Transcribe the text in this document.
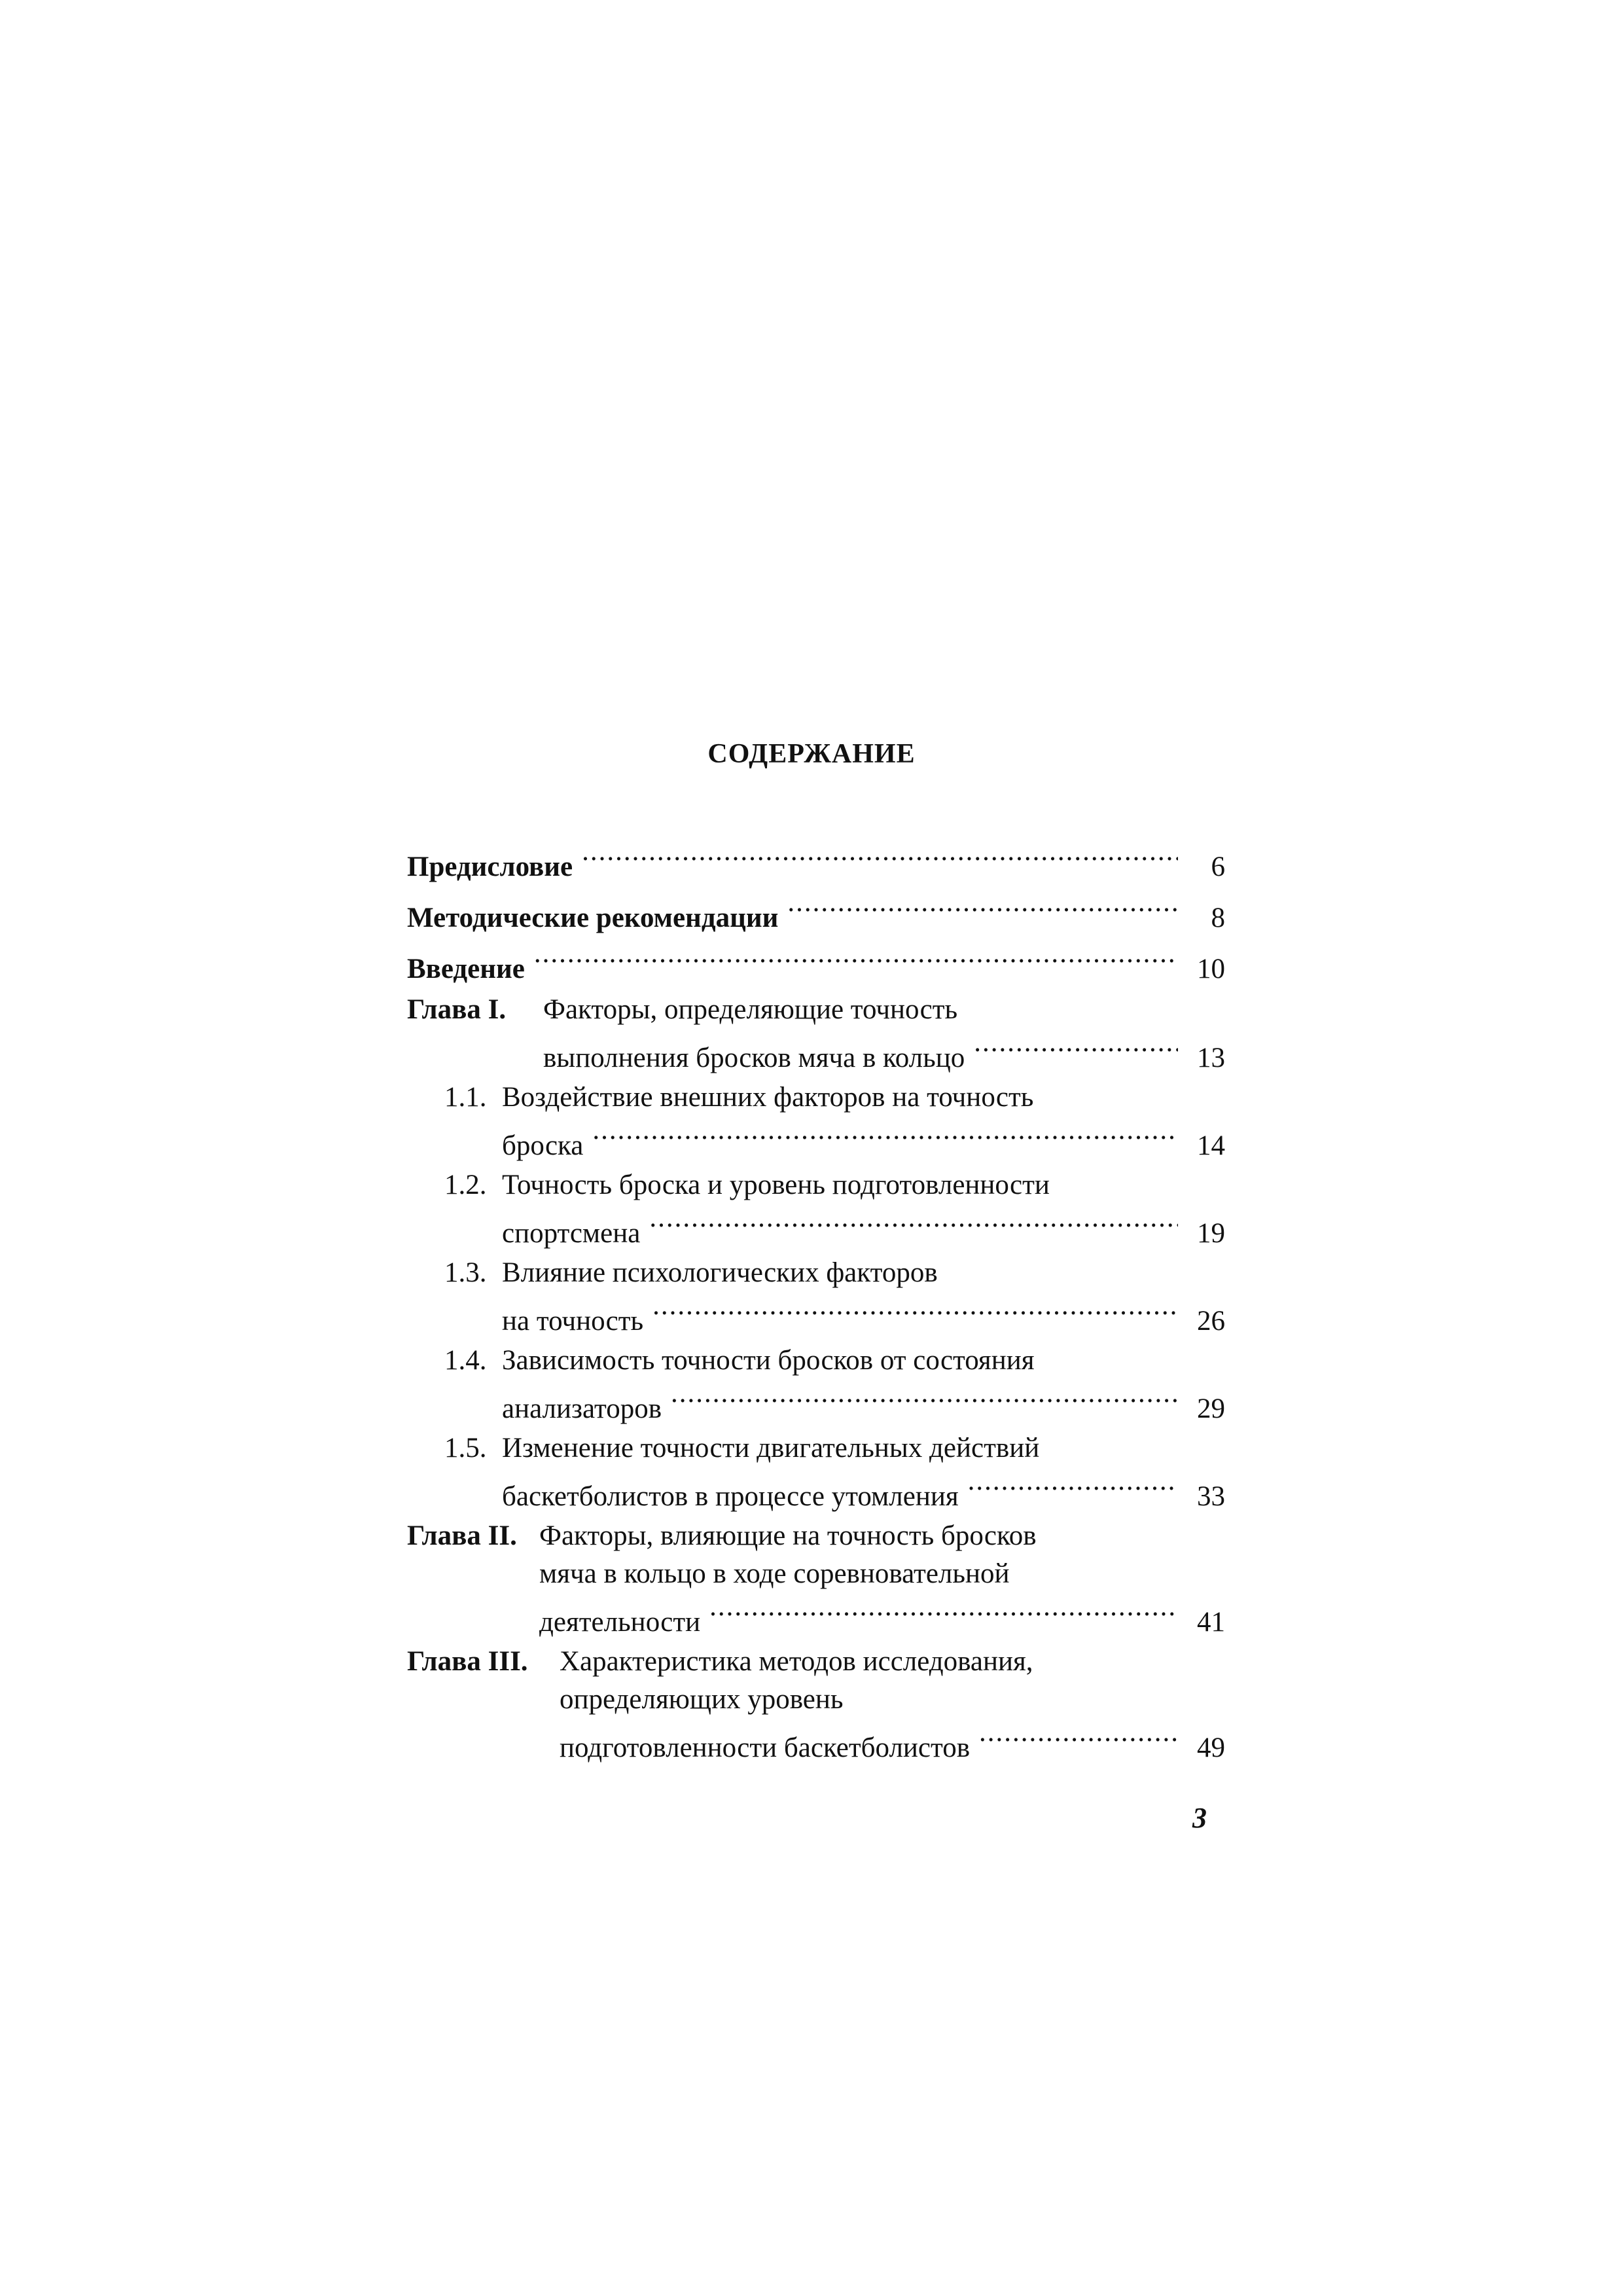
СОДЕРЖАНИЕ
Предисловие .....	6
Методические рекомендации .....	8
Введение .....	10
Глава I.	Факторы, определяющие точность
выполнения бросков мяча в кольцо .....	13
1.1. Воздействие внешних факторов на точность
броска .....	14
1.2. Точность броска и уровень подготовленности
спортсмена .....	19
1.3. Влияние психологических факторов
на точность .....	26
1.4. Зависимость точности бросков от состояния
анализаторов .....	29
1.5. Изменение точности двигательных действий
баскетболистов в процессе утомления .....	33
Глава II. Факторы, влияющие на точность бросков
мяча в кольцо в ходе соревновательной
деятельности .....	41
Глава III.	Характеристика методов исследования,
определяющих уровень
подготовленности баскетболистов .....	49

3
